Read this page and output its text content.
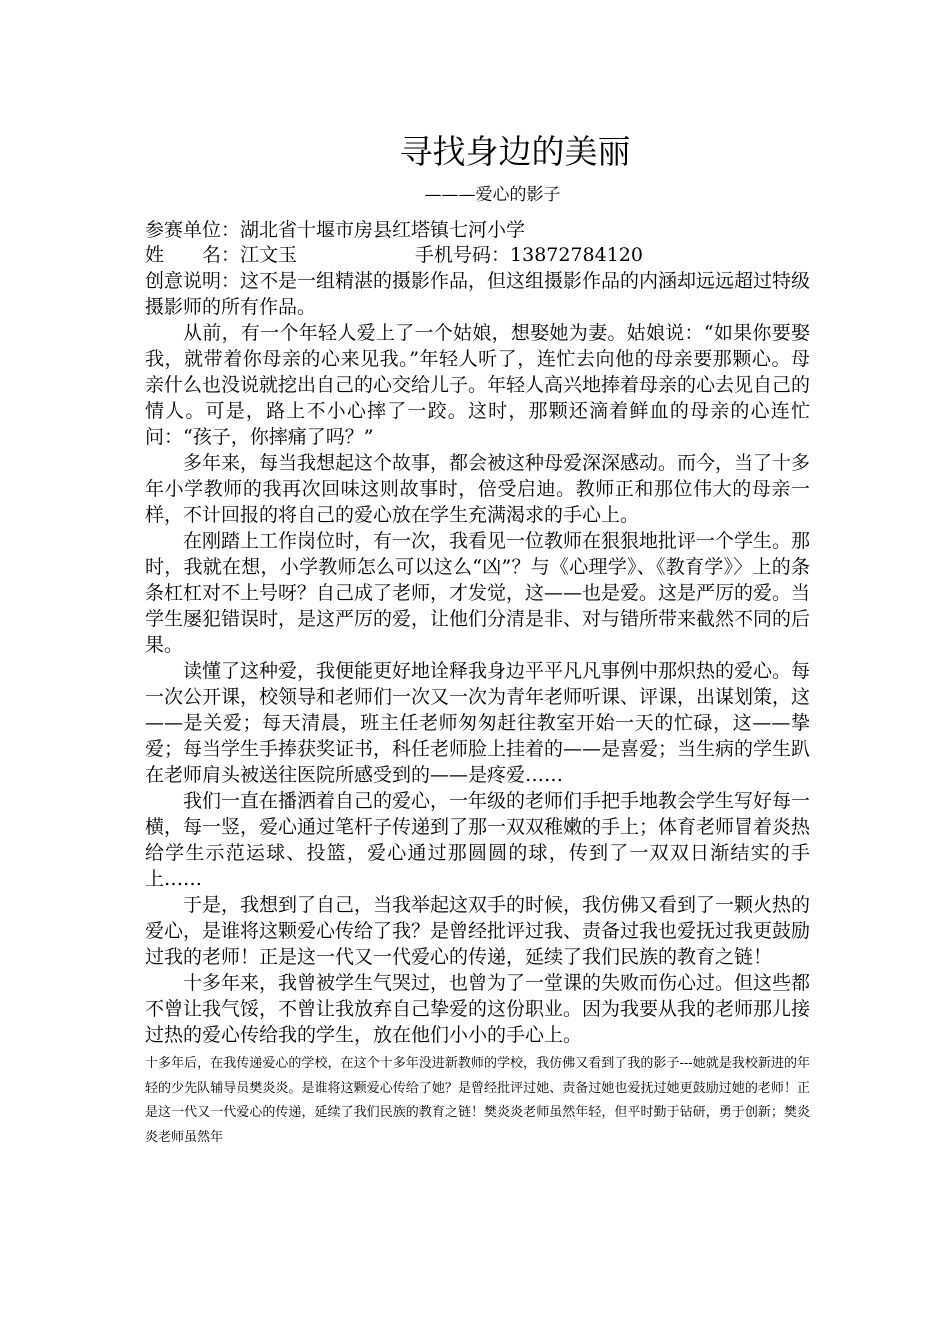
寻找身边的美丽
———爱心的影子

参赛单位：湖北省十堰市房县红塔镇七河小学

姓　　名：江文玉	手机号码：13872784120

创意说明：这不是一组精湛的摄影作品，但这组摄影作品的内涵却远远超过特级摄影师的所有作品。

从前，有一个年轻人爱上了一个姑娘，想娶她为妻。姑娘说：“如果你要娶我，就带着你母亲的心来见我。”年轻人听了，连忙去向他的母亲要那颗心。母亲什么也没说就挖出自己的心交给儿子。年轻人高兴地捧着母亲的心去见自己的情人。可是，路上不小心摔了一跤。这时，那颗还滴着鲜血的母亲的心连忙问：“孩子，你摔痛了吗？”

多年来，每当我想起这个故事，都会被这种母爱深深感动。而今，当了十多年小学教师的我再次回味这则故事时，倍受启迪。教师正和那位伟大的母亲一样，不计回报的将自己的爱心放在学生充满渴求的手心上。

在刚踏上工作岗位时，有一次，我看见一位教师在狠狠地批评一个学生。那时，我就在想，小学教师怎么可以这么“凶”？与《心理学》、《教育学》〉上的条条杠杠对不上号呀？自己成了老师，才发觉，这——也是爱。这是严厉的爱。当学生屡犯错误时，是这严厉的爱，让他们分清是非、对与错所带来截然不同的后果。

读懂了这种爱，我便能更好地诠释我身边平平凡凡事例中那炽热的爱心。每一次公开课，校领导和老师们一次又一次为青年老师听课、评课，出谋划策，这——是关爱；每天清晨，班主任老师匆匆赶往教室开始一天的忙碌，这——挚爱；每当学生手捧获奖证书，科任老师脸上挂着的——是喜爱；当生病的学生趴在老师肩头被送往医院所感受到的——是疼爱……

我们一直在播洒着自己的爱心，一年级的老师们手把手地教会学生写好每一横，每一竖，爱心通过笔杆子传递到了那一双双稚嫩的手上；体育老师冒着炎热给学生示范运球、投篮，爱心通过那圆圆的球，传到了一双双日渐结实的手上……

于是，我想到了自己，当我举起这双手的时候，我仿佛又看到了一颗火热的爱心，是谁将这颗爱心传给了我？是曾经批评过我、责备过我也爱抚过我更鼓励过我的老师！正是这一代又一代爱心的传递，延续了我们民族的教育之链！

十多年来，我曾被学生气哭过，也曾为了一堂课的失败而伤心过。但这些都不曾让我气馁，不曾让我放弃自己挚爱的这份职业。因为我要从我的老师那儿接过热的爱心传给我的学生，放在他们小小的手心上。

十多年后，在我传递爱心的学校，在这个十多年没进新教师的学校，我仿佛又看到了我的影子---她就是我校新进的年轻的少先队辅导员樊炎炎。是谁将这颗爱心传给了她？是曾经批评过她、责备过她也爱抚过她更鼓励过她的老师！正是这一代又一代爱心的传递，延续了我们民族的教育之链！樊炎炎老师虽然年轻，但平时勤于钻研，勇于创新；樊炎炎老师虽然年
